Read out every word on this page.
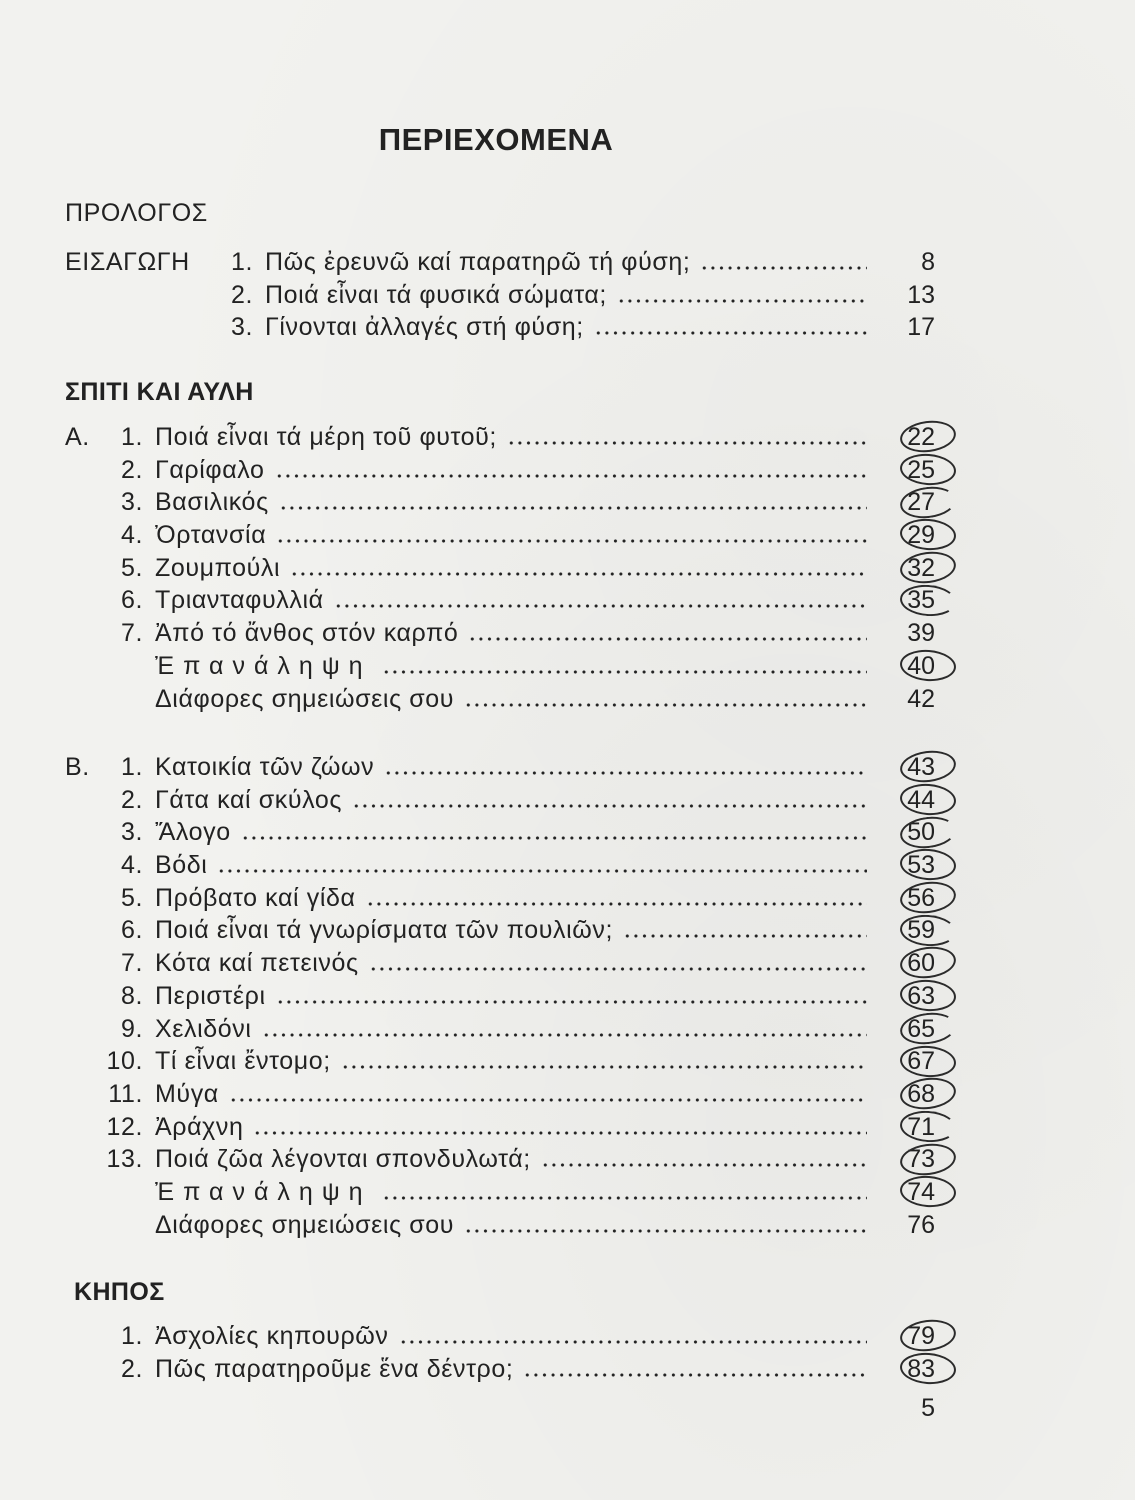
ΠΕΡΙΕΧΟΜΕΝΑ
ΠΡΟΛΟΓΟΣ
ΕΙΣΑΓΩΓΗ	1. Πῶς ἐρευνῶ καί παρατηρῶ τή φύση;	8
2. Ποιά εἶναι τά φυσικά σώματα;	13
3. Γίνονται ἀλλαγές στή φύση;	17
ΣΠΙΤΙ ΚΑΙ ΑΥΛΗ
Α.	1. Ποιά εἶναι τά μέρη τοῦ φυτοῦ;	22
2. Γαρίφαλο	25
3. Βασιλικός	27
4. Ὀρτανσία	29
5. Ζουμπούλι	32
6. Τριανταφυλλιά	35
7. Ἀπό τό ἄνθος στόν καρπό	39
Ἐπανάληψη	40
Διάφορες σημειώσεις σου	42
Β.	1. Κατοικία τῶν ζώων	43
2. Γάτα καί σκύλος	44
3. Ἄλογο	50
4. Βόδι	53
5. Πρόβατο καί γίδα	56
6. Ποιά εἶναι τά γνωρίσματα τῶν πουλιῶν;	59
7. Κότα καί πετεινός	60
8. Περιστέρι	63
9. Χελιδόνι	65
10. Τί εἶναι ἔντομο;	67
11. Μύγα	68
12. Ἀράχνη	71
13. Ποιά ζῶα λέγονται σπονδυλωτά;	73
Ἐπανάληψη	74
Διάφορες σημειώσεις σου	76
ΚΗΠΟΣ
1. Ἀσχολίες κηπουρῶν	79
2. Πῶς παρατηροῦμε ἕνα δέντρο;	83
5
